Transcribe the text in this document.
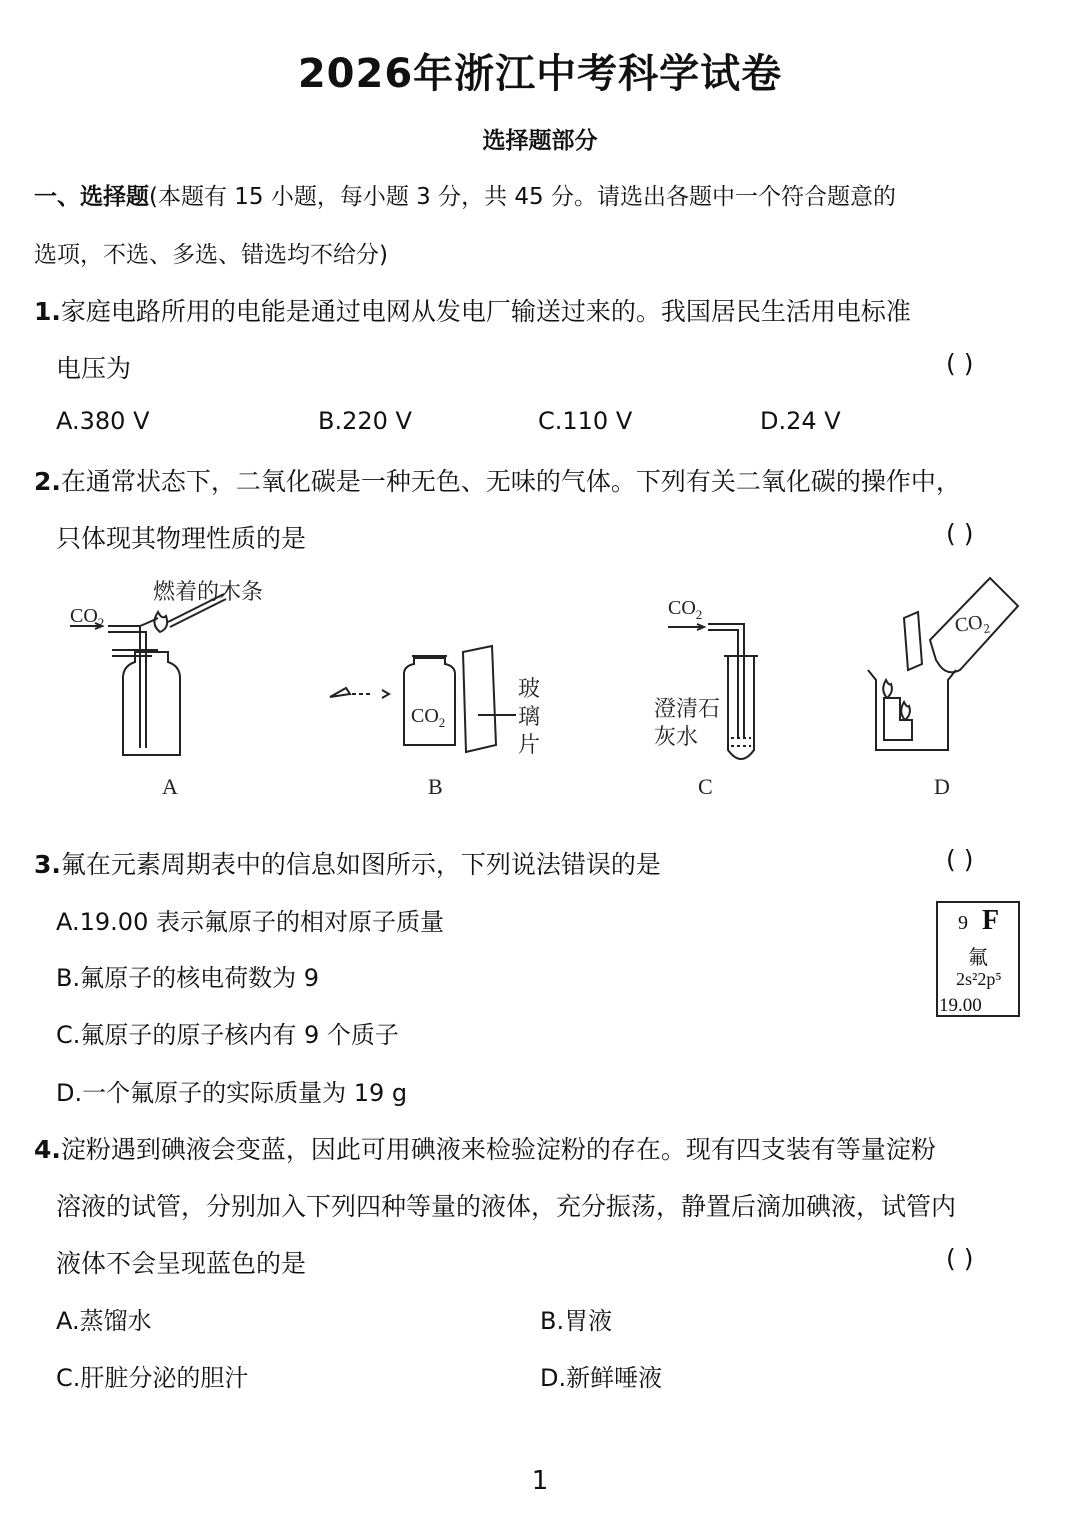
2026年浙江中考科学试卷
选择题部分
一、选择题(本题有 15 小题，每小题 3 分，共 45 分。请选出各题中一个符合题意的
选项，不选、多选、错选均不给分)
1.家庭电路所用的电能是通过电网从发电厂输送过来的。我国居民生活用电标准
电压为	( )
A.380 V	B.220 V	C.110 V	D.24 V
2.在通常状态下，二氧化碳是一种无色、无味的气体。下列有关二氧化碳的操作中，
只体现其物理性质的是	( )
$CO_2$
燃着的木条
$CO_2$
玻
璃
片
$CO_2$
澄清石
灰水
$CO_2$
A	B	C	D
3.氟在元素周期表中的信息如图所示，下列说法错误的是	( )
A.19.00 表示氟原子的相对原子质量
B.氟原子的核电荷数为 9
C.氟原子的原子核内有 9 个质子
D.一个氟原子的实际质量为 19 g
9 F
氟
2s²2p⁵
19.00
4.淀粉遇到碘液会变蓝，因此可用碘液来检验淀粉的存在。现有四支装有等量淀粉
溶液的试管，分别加入下列四种等量的液体，充分振荡，静置后滴加碘液，试管内
液体不会呈现蓝色的是	( )
A.蒸馏水	B.胃液
C.肝脏分泌的胆汁	D.新鲜唾液
1
